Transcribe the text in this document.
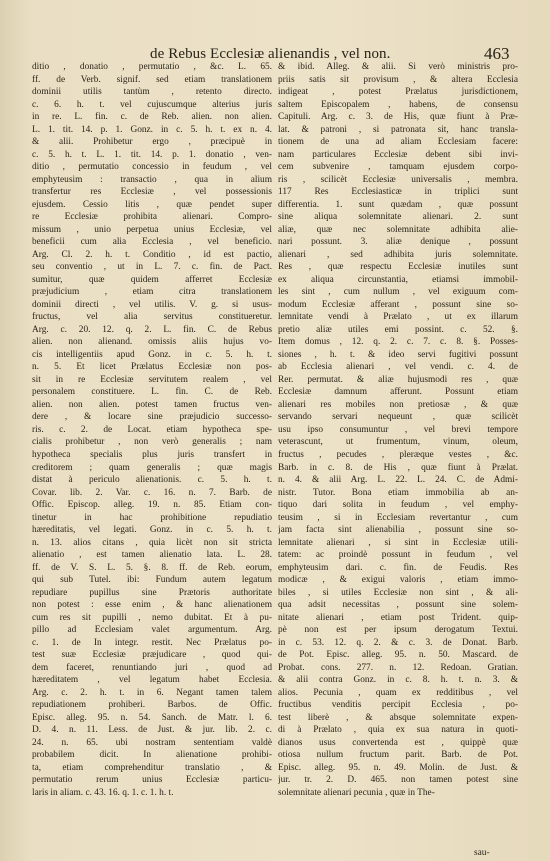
de Rebus Ecclesiæ alienandis , vel non.	463
ditio , donatio , permutatio , &c. L. 65.
ff. de Verb. signif. sed etiam translationem
dominii utilis tantùm , retento directo.
c. 6. h. t. vel cujuscumque alterius juris
in re. L. fin. c. de Reb. alien. non alien.
L. 1. tit. 14. p. 1. Gonz. in c. 5. h. t. ex n. 4.
& alii. Prohibetur ergo , præcipuè in
c. 5. h. t. L. 1. tit. 14. p. 1. donatio , ven-
ditio , permutatio concessio in feudum , vel
emphyteusim : transactio , qua in alium
transfertur res Ecclesiæ , vel possessionis
ejusdem. Cessio litis , quæ pendet super
re Ecclesiæ prohibita alienari. Compro-
missum , unio perpetua unius Ecclesiæ, vel
beneficii cum alia Ecclesia , vel beneficio.
Arg. Cl. 2. h. t. Conditio , id est pactio,
seu conventio , ut in L. 7. c. fin. de Pact.
sumitur, quæ quidem afferret Ecclesiæ
præjudicium , etiam citra translationem
dominii directi , vel utilis. V. g. si usus-
fructus, vel alia servitus constitueretur.
Arg. c. 20. 12. q. 2. L. fin. C. de Rebus
alien. non alienand. omissis aliis hujus vo-
cis intelligentiis apud Gonz. in c. 5. h. t.
n. 5. Et licet Prælatus Ecclesiæ non pos-
sit in re Ecclesiæ servitutem realem , vel
personalem constituere. L. fin. C. de Reb.
alien. non alien. potest tamen fructus ven-
dere , & locare sine præjudicio successo-
ris. c. 2. de Locat. etiam hypotheca spe-
cialis prohibetur , non verò generalis ; nam
hypotheca specialis plus juris transfert in
creditorem ; quam generalis ; quæ magis
distat à periculo alienationis. c. 5. h. t.
Covar. lib. 2. Var. c. 16. n. 7. Barb. de
Offic. Episcop. alleg. 19. n. 85. Etiam con-
tinetur in hac prohibitione repudiatio
hæreditatis, vel legati. Gonz. in c. 5. h. t.
n. 13. alios citans , quia licèt non sit stricta
alienatio , est tamen alienatio lata. L. 28.
ff. de V. S. L. 5. §. 8. ff. de Reb. eorum,
qui sub Tutel. ibi: Fundum autem legatum
repudiare pupillus sine Prætoris authoritate
non potest : esse enim , & hanc alienationem
cum res sit pupilli , nemo dubitat. Et à pu-
pillo ad Ecclesiam valet argumentum. Arg.
c. 1. de In integr. restit. Nec Prælatus po-
test suæ Ecclesiæ præjudicare , quod qui-
dem faceret, renuntiando juri , quod ad
hæreditatem , vel legatum habet Ecclesia.
Arg. c. 2. h. t. in 6. Negant tamen talem
repudiationem prohiberi. Barbos. de Offic.
Episc. alleg. 95. n. 54. Sanch. de Matr. l. 6.
D. 4. n. 11. Less. de Just. & jur. lib. 2. c.
24. n. 65. ubi nostram sententiam valdè
probabilem dicit. In alienatione prohibi-
ta, etiam comprehenditur translatio , &
permutatio rerum unius Ecclesiæ particu-
laris in aliam. c. 43. 16. q. 1. c. 1. h. t.
& ibid. Alleg. & alii. Si verò ministris pro-
priis satis sit provisum , & altera Ecclesia
indigeat , potest Prælatus jurisdictionem,
saltem Episcopalem , habens, de consensu
Capituli. Arg. c. 3. de His, quæ fiunt à Præ-
lat. & patroni , si patronata sit, hanc transla-
tionem de una ad aliam Ecclesiam facere:
nam particulares Ecclesiæ debent sibi invi-
cem subvenire , tamquam ejusdem corpo-
ris , scilicèt Ecclesiæ universalis , membra.
117 Res Ecclesiasticæ in triplici sunt
differentia. 1. sunt quædam , quæ possunt
sine aliqua solemnitate alienari. 2. sunt
aliæ, quæ nec solemnitate adhibita alie-
nari possunt. 3. aliæ denique , possunt
alienari , sed adhibita juris solemnitate.
Res , quæ respectu Ecclesiæ inutiles sunt
ex aliqua circunstantia, etiamsi immobil-
les sint , cum nullum , vel exiguum com-
modum Ecclesiæ afferant , possunt sine so-
lemnitate vendi à Prælato , ut ex illarum
pretio aliæ utiles emi possint. c. 52. §.
Item domus , 12. q. 2. c. 7. c. 8. §. Posses-
siones , h. t. & ideo servi fugitivi possunt
ab Ecclesia alienari , vel vendi. c. 4. de
Rer. permutat. & aliæ hujusmodi res , quæ
Ecclesiæ damnum afferunt. Possunt etiam
alienari res mobiles non pretiosæ , & quæ
servando servari nequeunt , quæ scilicèt
usu ipso consumuntur , vel brevi tempore
veterascunt, ut frumentum, vinum, oleum,
fructus , pecudes , pleræque vestes , &c.
Barb. in c. 8. de His , quæ fiunt à Prælat.
n. 4. & alii Arg. L. 22. L. 24. C. de Admi-
nistr. Tutor. Bona etiam immobilia ab an-
tiquo dari solita in feudum , vel emphy-
teusim , si in Ecclesiam revertantur , cum
jam facta sint alienabilia , possunt sine so-
lemnitate alienari , si sint in Ecclesiæ utili-
tatem: ac proindè possunt in feudum , vel
emphyteusim dari. c. fin. de Feudis. Res
modicæ , & exigui valoris , etiam immo-
biles , si utiles Ecclesiæ non sint , & ali-
qua adsit necessitas , possunt sine solem-
nitate alienari , etiam post Trident. quip-
pè non est per ipsum derogatum Textui.
in c. 53. 12. q. 2. & c. 3. de Donat. Barb.
de Pot. Episc. alleg. 95. n. 50. Mascard. de
Probat. cons. 277. n. 12. Redoan. Gratian.
& alii contra Gonz. in c. 8. h. t. n. 3. &
alios. Pecunia , quam ex redditibus , vel
fructibus venditis percipit Ecclesia , po-
test liberè , & absque solemnitate expen-
di à Prælato , quia ex sua natura in quoti-
dianos usus convertenda est , quippè quæ
otiosa nullum fructum parit. Barb. de Pot.
Episc. alleg. 95. n. 49. Molin. de Just. &
jur. tr. 2. D. 465. non tamen potest sine
solemnitate alienari pecunia , quæ in The-
sau-
